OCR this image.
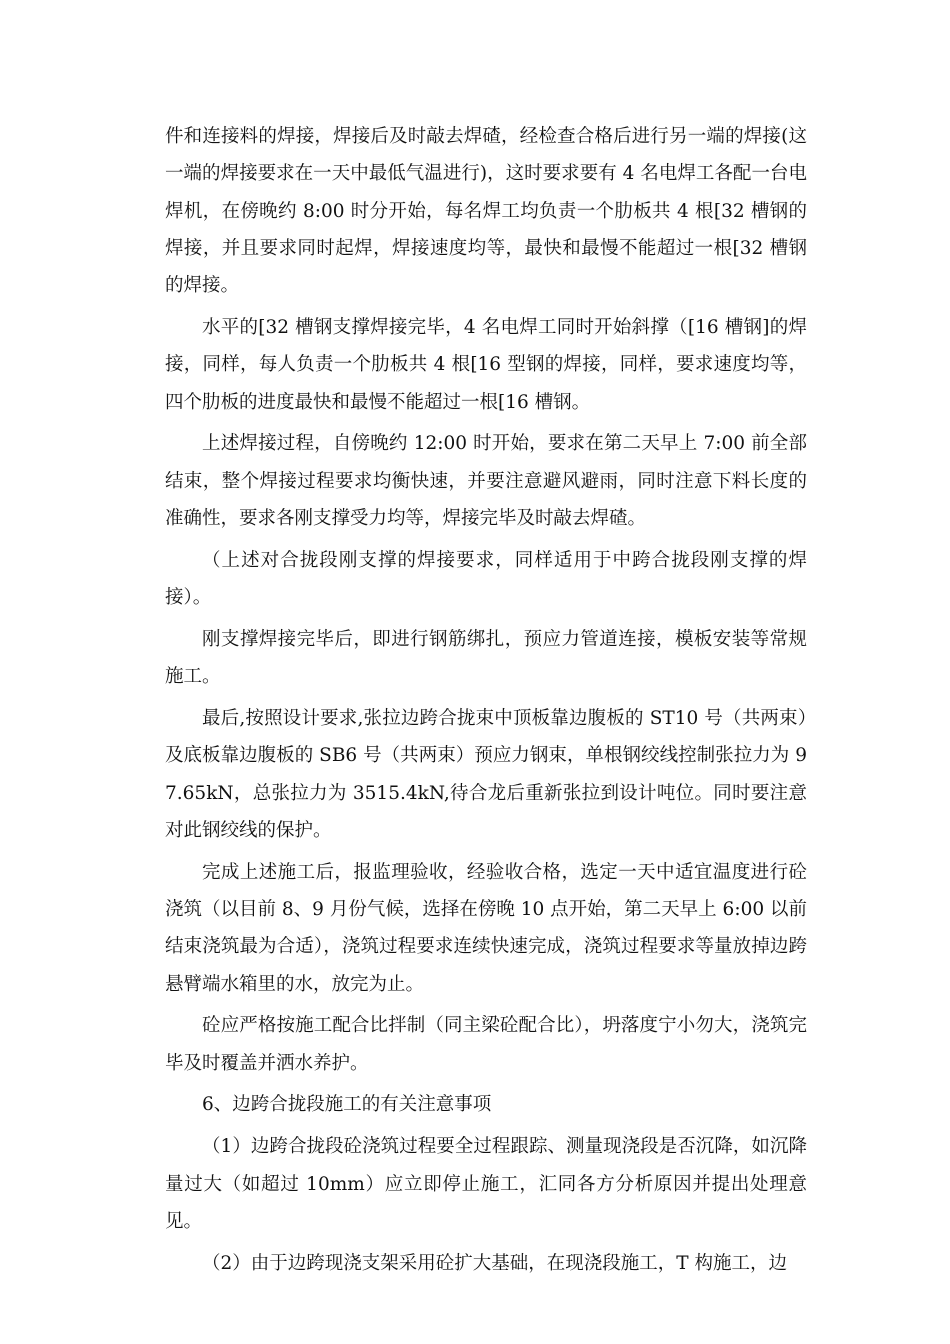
件和连接料的焊接，焊接后及时敲去焊碴，经检查合格后进行另一端的焊接(这一端的焊接要求在一天中最低气温进行)，这时要求要有 4 名电焊工各配一台电焊机，在傍晚约 8:00 时分开始，每名焊工均负责一个肋板共 4 根[32 槽钢的焊接，并且要求同时起焊，焊接速度均等，最快和最慢不能超过一根[32 槽钢的焊接。

水平的[32 槽钢支撑焊接完毕，4 名电焊工同时开始斜撑（[16 槽钢]的焊接，同样，每人负责一个肋板共 4 根[16 型钢的焊接，同样，要求速度均等，四个肋板的进度最快和最慢不能超过一根[16 槽钢。

上述焊接过程，自傍晚约 12:00 时开始，要求在第二天早上 7:00 前全部结束，整个焊接过程要求均衡快速，并要注意避风避雨，同时注意下料长度的准确性，要求各刚支撑受力均等，焊接完毕及时敲去焊碴。

（上述对合拢段刚支撑的焊接要求，同样适用于中跨合拢段刚支撑的焊接）。

刚支撑焊接完毕后，即进行钢筋绑扎，预应力管道连接，模板安装等常规施工。

最后,按照设计要求,张拉边跨合拢束中顶板靠边腹板的 ST10 号（共两束）及底板靠边腹板的 SB6 号（共两束）预应力钢束，单根钢绞线控制张拉力为 97.65kN，总张拉力为 3515.4kN,待合龙后重新张拉到设计吨位。同时要注意对此钢绞线的保护。

完成上述施工后，报监理验收，经验收合格，选定一天中适宜温度进行砼浇筑（以目前 8、9 月份气候，选择在傍晚 10 点开始，第二天早上 6:00 以前结束浇筑最为合适），浇筑过程要求连续快速完成，浇筑过程要求等量放掉边跨悬臂端水箱里的水，放完为止。

砼应严格按施工配合比拌制（同主梁砼配合比），坍落度宁小勿大，浇筑完毕及时覆盖并洒水养护。

6、边跨合拢段施工的有关注意事项

（1）边跨合拢段砼浇筑过程要全过程跟踪、测量现浇段是否沉降，如沉降量过大（如超过 10mm）应立即停止施工，汇同各方分析原因并提出处理意见。

（2）由于边跨现浇支架采用砼扩大基础，在现浇段施工，T 构施工，边
